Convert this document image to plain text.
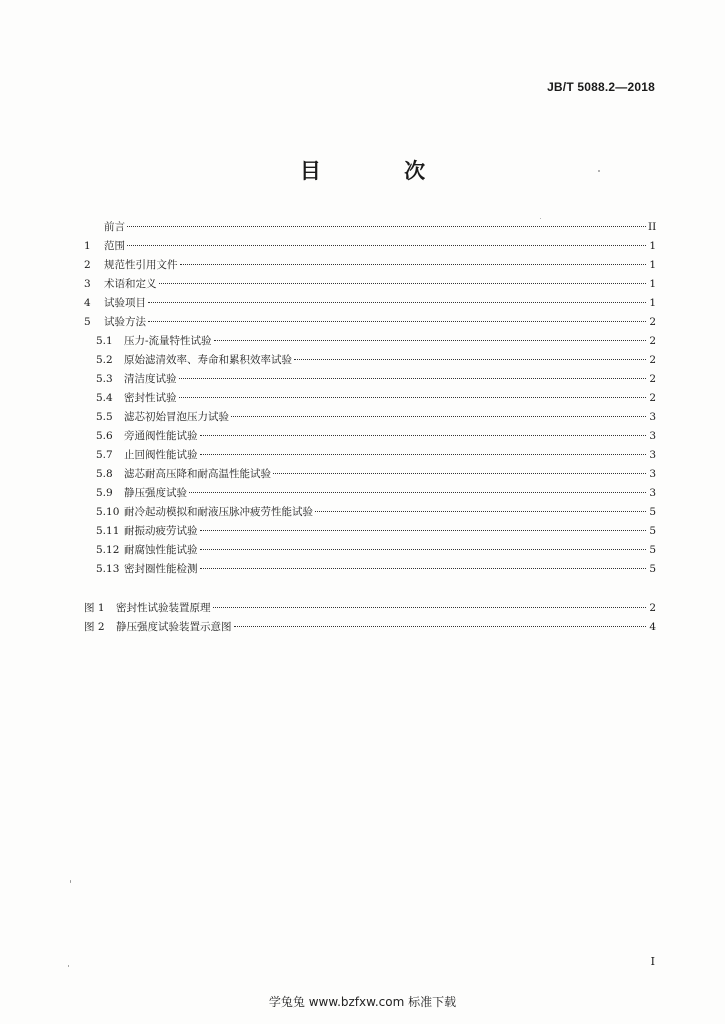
JB/T 5088.2—2018
目 次
前言	II
1	范围	1
2	规范性引用文件	1
3	术语和定义	1
4	试验项目	1
5	试验方法	2
5.1	压力-流量特性试验	2
5.2	原始滤清效率、寿命和累积效率试验	2
5.3	清洁度试验	2
5.4	密封性试验	2
5.5	滤芯初始冒泡压力试验	3
5.6	旁通阀性能试验	3
5.7	止回阀性能试验	3
5.8	滤芯耐高压降和耐高温性能试验	3
5.9	静压强度试验	3
5.10 耐冷起动模拟和耐液压脉冲疲劳性能试验	5
5.11 耐振动疲劳试验	5
5.12 耐腐蚀性能试验	5
5.13 密封圈性能检测	5
图 1	密封性试验装置原理	2
图 2	静压强度试验装置示意图	4
I
学兔兔 www.bzfxw.com 标准下载
